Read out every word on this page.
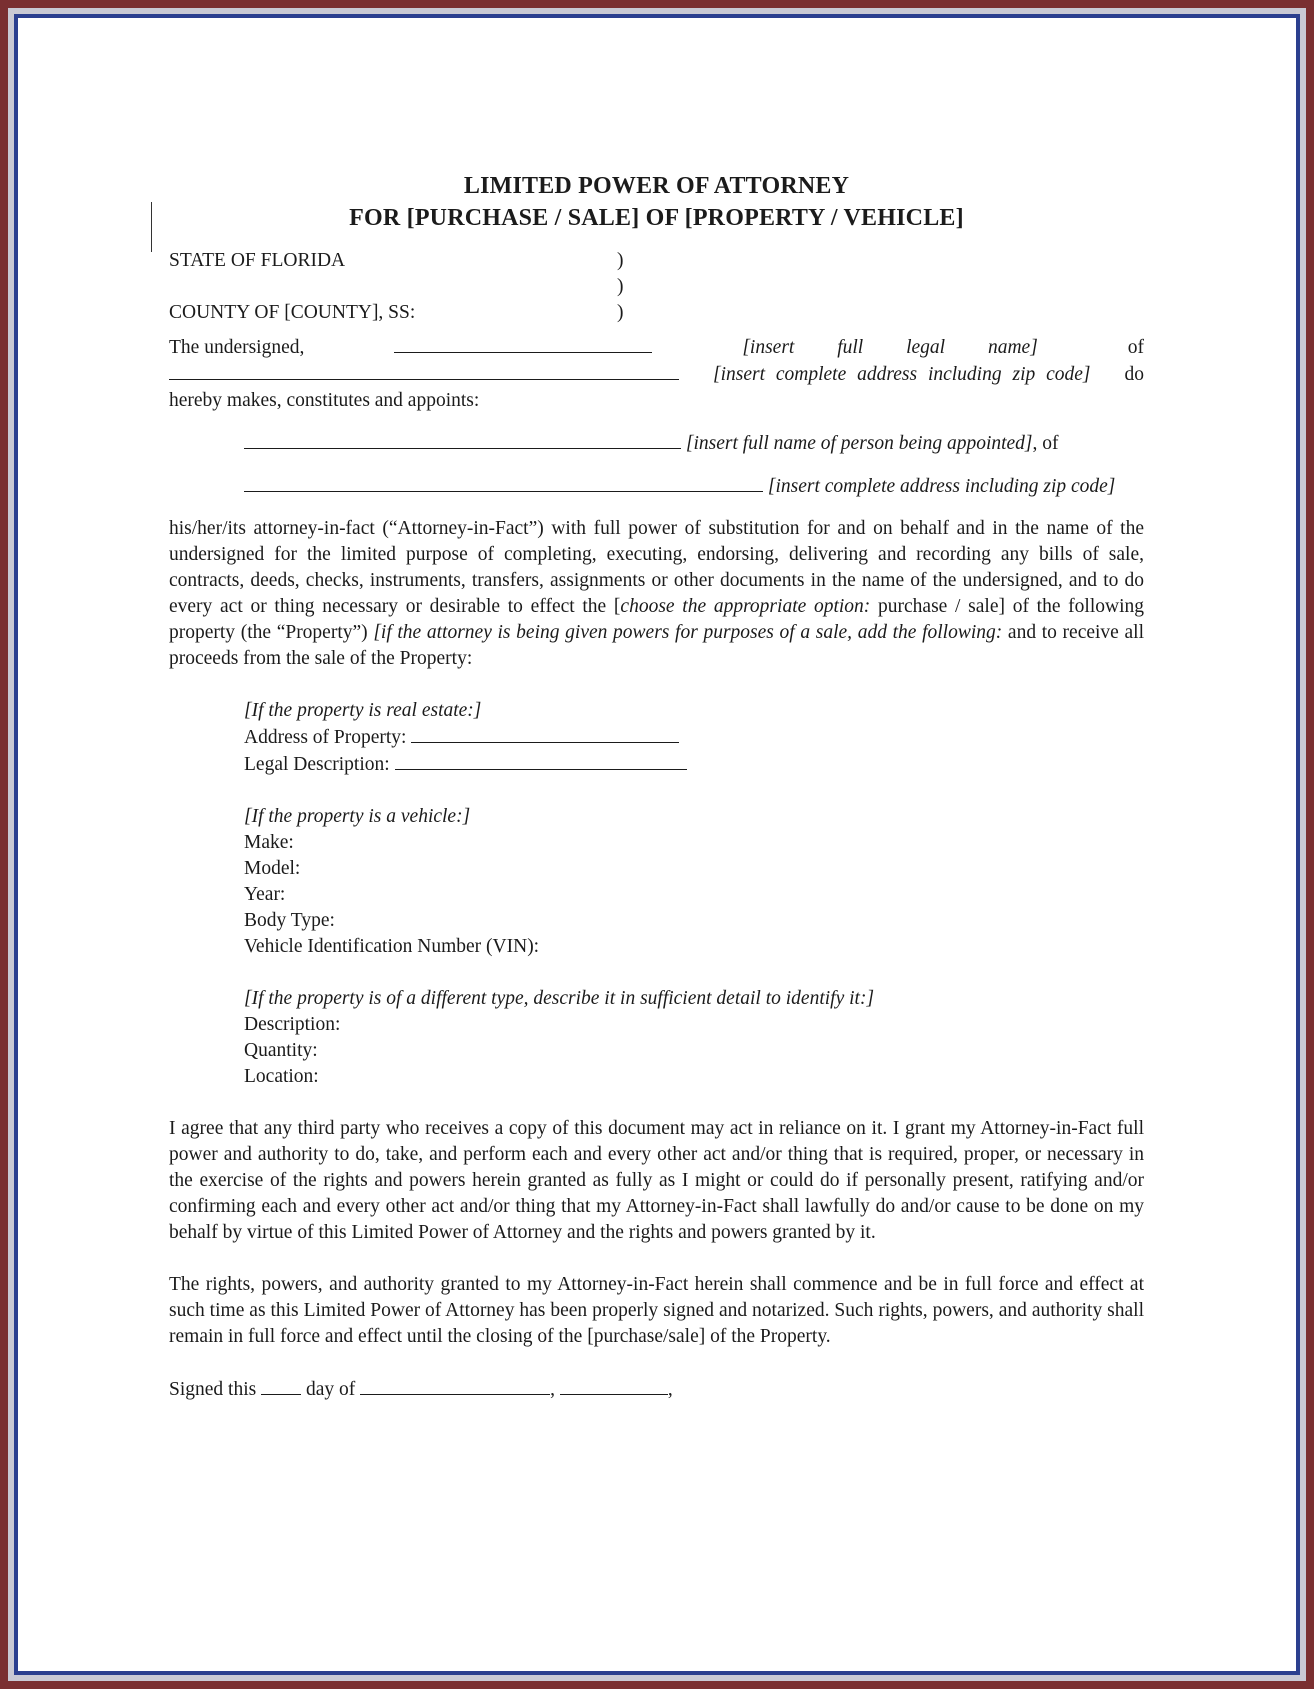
LIMITED POWER OF ATTORNEY
FOR [PURCHASE / SALE] OF [PROPERTY / VEHICLE]
STATE OF FLORIDA	)
)
COUNTY OF [COUNTY], SS:	)

The undersigned,	[insert full legal name]	of
[insert complete address including zip code] do
hereby makes, constitutes and appoints:

[insert full name of person being appointed], of
[insert complete address including zip code]

his/her/its attorney-in-fact (“Attorney-in-Fact”) with full power of substitution for and on behalf and in the name of the undersigned for the limited purpose of completing, executing, endorsing, delivering and recording any bills of sale, contracts, deeds, checks, instruments, transfers, assignments or other documents in the name of the undersigned, and to do every act or thing necessary or desirable to effect the [choose the appropriate option: purchase / sale] of the following property (the “Property”) [if the attorney is being given powers for purposes of a sale, add the following: and to receive all proceeds from the sale of the Property:

[If the property is real estate:]
Address of Property:
Legal Description:
[If the property is a vehicle:]
Make:
Model:
Year:
Body Type:
Vehicle Identification Number (VIN):
[If the property is of a different type, describe it in sufficient detail to identify it:]
Description:
Quantity:
Location:

I agree that any third party who receives a copy of this document may act in reliance on it. I grant my Attorney-in-Fact full power and authority to do, take, and perform each and every other act and/or thing that is required, proper, or necessary in the exercise of the rights and powers herein granted as fully as I might or could do if personally present, ratifying and/or confirming each and every other act and/or thing that my Attorney-in-Fact shall lawfully do and/or cause to be done on my behalf by virtue of this Limited Power of Attorney and the rights and powers granted by it.

The rights, powers, and authority granted to my Attorney-in-Fact herein shall commence and be in full force and effect at such time as this Limited Power of Attorney has been properly signed and notarized. Such rights, powers, and authority shall remain in full force and effect until the closing of the [purchase/sale] of the Property.

Signed this	day of	,	,
